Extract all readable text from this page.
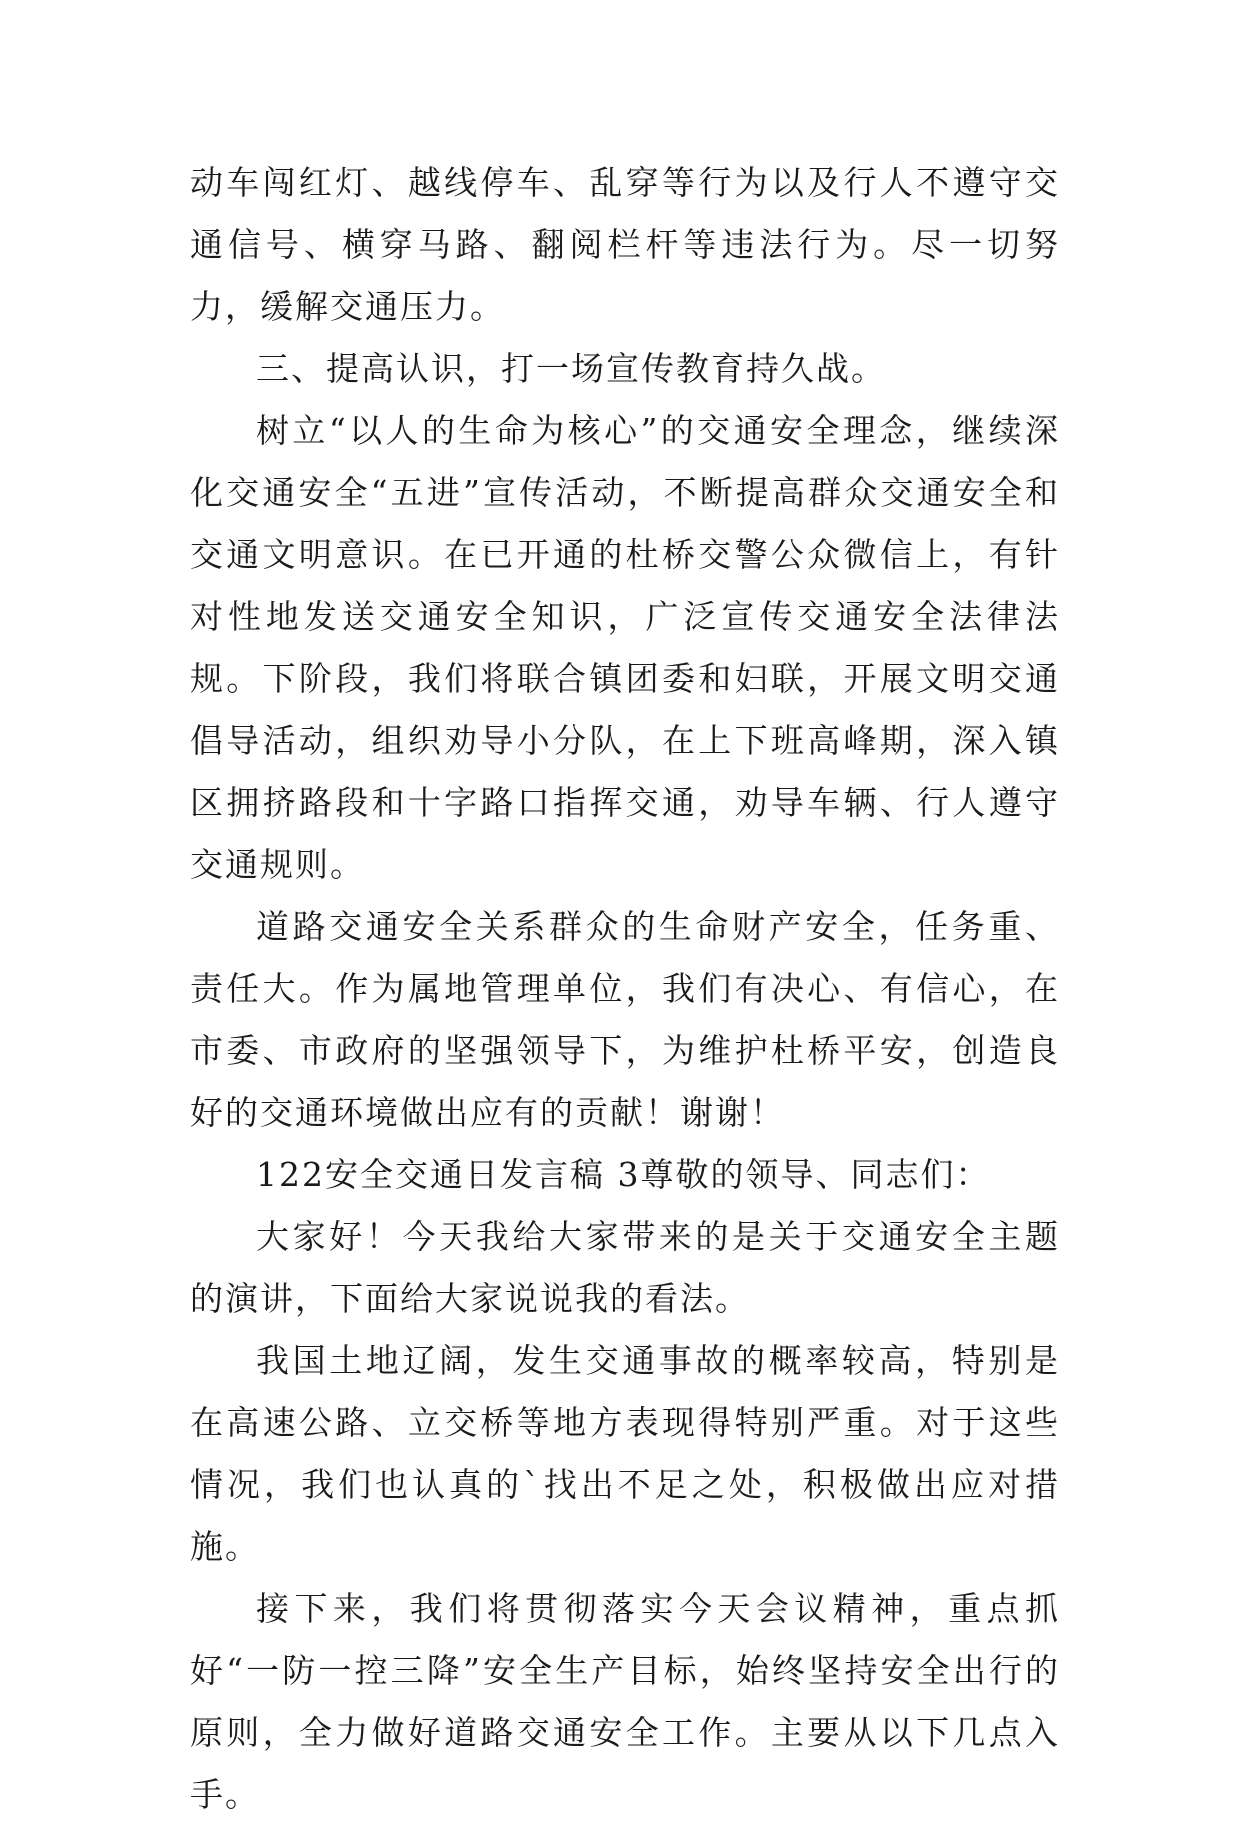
动车闯红灯、越线停车、乱穿等行为以及行人不遵守交通信号、横穿马路、翻阅栏杆等违法行为。尽一切努力，缓解交通压力。

三、提高认识，打一场宣传教育持久战。

树立“以人的生命为核心”的交通安全理念，继续深化交通安全“五进”宣传活动，不断提高群众交通安全和交通文明意识。在已开通的杜桥交警公众微信上，有针对性地发送交通安全知识，广泛宣传交通安全法律法规。下阶段，我们将联合镇团委和妇联，开展文明交通倡导活动，组织劝导小分队，在上下班高峰期，深入镇区拥挤路段和十字路口指挥交通，劝导车辆、行人遵守交通规则。

道路交通安全关系群众的生命财产安全，任务重、责任大。作为属地管理单位，我们有决心、有信心，在市委、市政府的坚强领导下，为维护杜桥平安，创造良好的交通环境做出应有的贡献！谢谢！

122安全交通日发言稿 3尊敬的领导、同志们：

大家好！今天我给大家带来的是关于交通安全主题的演讲，下面给大家说说我的看法。

我国土地辽阔，发生交通事故的概率较高，特别是在高速公路、立交桥等地方表现得特别严重。对于这些情况，我们也认真的`找出不足之处，积极做出应对措施。

接下来，我们将贯彻落实今天会议精神，重点抓好“一防一控三降”安全生产目标，始终坚持安全出行的原则，全力做好道路交通安全工作。主要从以下几点入手。
